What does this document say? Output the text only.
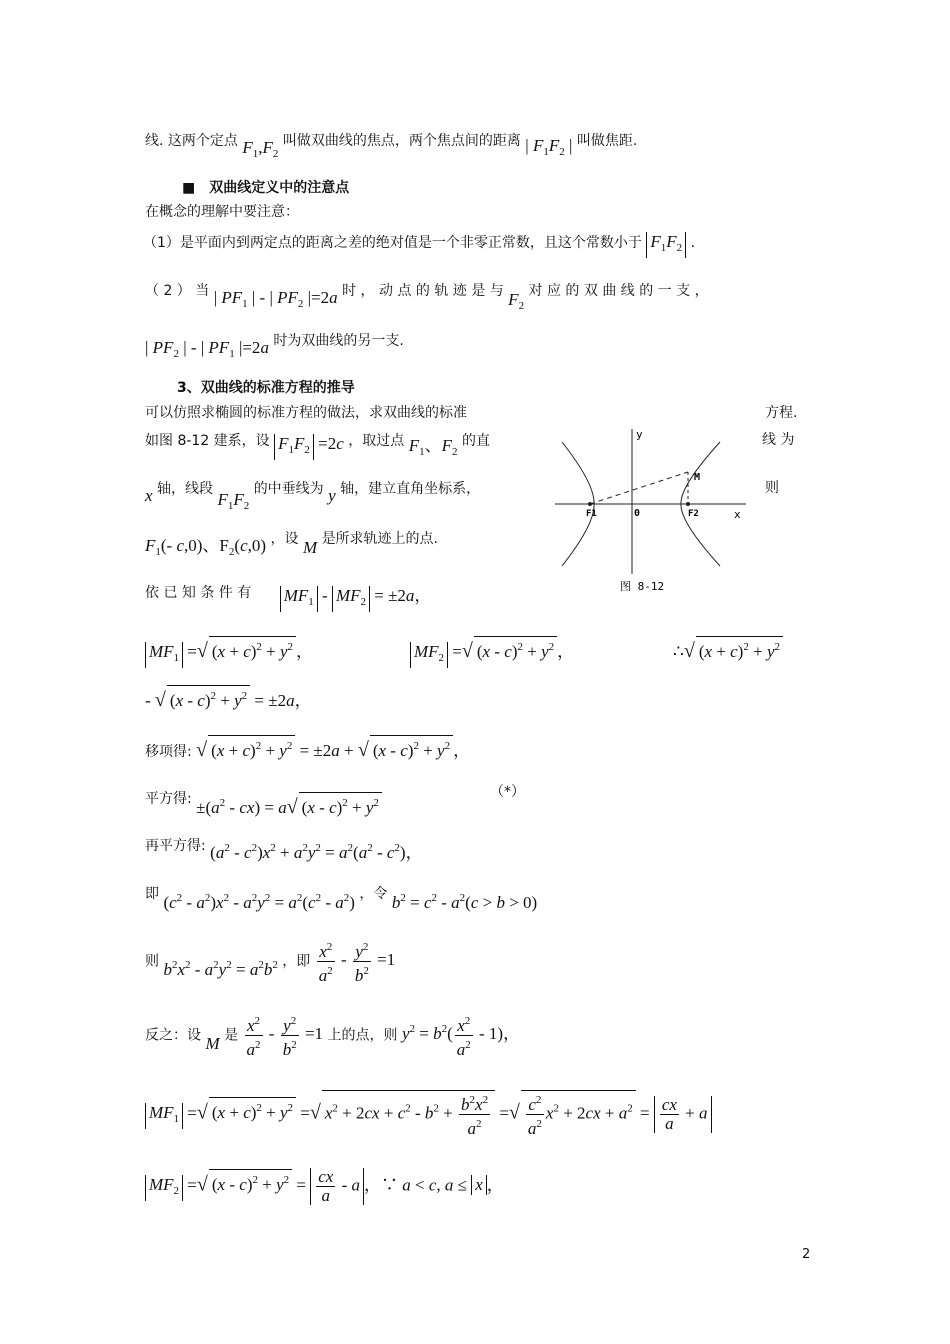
线. 这两个定点 $F_1,F_2$ 叫做双曲线的焦点，两个焦点间的距离 | $F_1F_2$ | 叫做焦距.
■　双曲线定义中的注意点
在概念的理解中要注意：
（1）是平面内到两定点的距离之差的绝对值是一个非零正常数，且这个常数小于 $F_1F_2$ .
（ 2 ） 当 | $PF_1$ | - | $PF_2$ |=2a 时 ， 动 点 的 轨 迹 是 与 $F_2$ 对 应 的 双 曲 线 的 一 支 ，
| $PF_2$ | - | $PF_1$ |=2a 时为双曲线的另一支.
3、双曲线的标准方程的推导
可以仿照求椭圆的标准方程的做法，求双曲线的标准	方程.
如图 8-12 建系，设 $F_1F_2 =2c$ ，取过点 $F_1$、$F_2$ 的直	线 为
x 轴，线段 $F_1F_2$ 的中垂线为 y 轴，建立直角坐标系，	则
$F_1(-$ c,0)、$F_2(c,0)$ ，设 M 是所求轨迹上的点.
依 已 知 条 件 有 $MF_1 - MF_2 = \pm 2a$，
$MF_1$ =√ $(x + c)^2 + y^2$ ，	$MF_2$ =√ $(x - c)^2 + y^2$ ，	∴√ $(x + c)^2 + y^2$
- √ $(x - c)^2 + y^2 = \pm 2a$，
移项得: √ $(x + c)^2 + y^2 = \pm 2a$ + √ $(x - c)^2 + y^2$ ，
平方得: $\pm(a^2 - cx) = a√$ $(x - c)^2 + y^2$
（*）
再平方得: $(a^2 - c^2)x^2 + a^2y^2 = a^2(a^2 - c^2)$，
即 $(c^2 - a^2)x^2 - a^2y^2 = a^2(c^2 - a^2)$ ，令 $b^2 = c^2 - a^2(c > b > 0)$
则 $b^2x^2 - a^2y^2 = a^2b^2$ ，即 $\frac{x^2}{a^2} - \frac{y^2}{b^2} =1$
反之：设 M 是 $\frac{x^2}{a^2} - \frac{y^2}{b^2} =1$ 上的点，则 $y^2 = b^2( \frac{x^2}{a^2} - 1)$，
$MF_1$ =√ $(x + c)^2 + y^2$ =√ $x^2 + 2cx + c^2 - b^2 + \frac{b^2x^2}{a^2}$ =√ $\frac{c^2}{a^2} x^2 + 2cx + a^2 = \frac{cx}{a} + a$
$MF_2$ =√ $(x - c)^2 + y^2 = \frac{cx}{a} - a$ ，∵ a < c, a ≤ x ，
y
x
M
F1	F2
0
图 8-12
2
